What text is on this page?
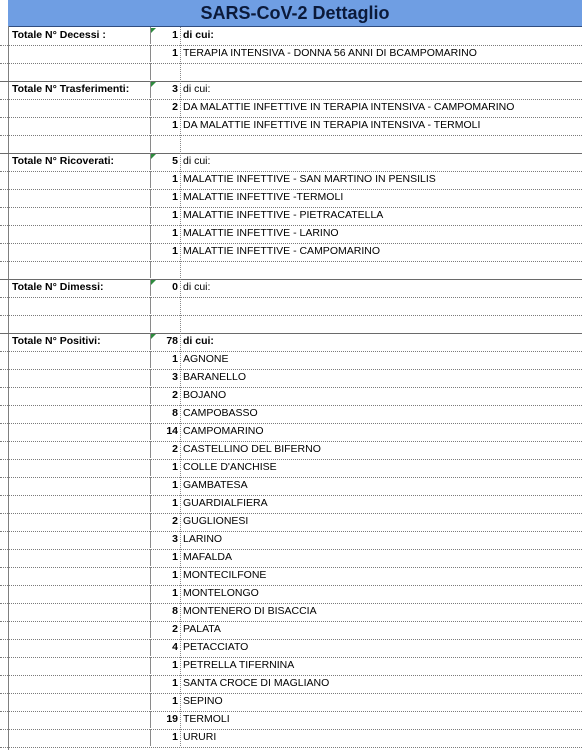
SARS-CoV-2 Dettaglio
Totale N° Decessi :	1 di cui:
1 TERAPIA INTENSIVA - DONNA 56 ANNI DI BCAMPOMARINO
Totale N° Trasferimenti:	3 di cui:
2 DA MALATTIE INFETTIVE IN TERAPIA INTENSIVA - CAMPOMARINO
1 DA MALATTIE INFETTIVE IN TERAPIA INTENSIVA - TERMOLI
Totale N° Ricoverati:	5 di cui:
1 MALATTIE INFETTIVE - SAN MARTINO IN PENSILIS
1 MALATTIE INFETTIVE -TERMOLI
1 MALATTIE INFETTIVE - PIETRACATELLA
1 MALATTIE INFETTIVE - LARINO
1 MALATTIE INFETTIVE - CAMPOMARINO
Totale N° Dimessi:	0 di cui:
Totale N° Positivi:	78 di cui:
1 AGNONE
3 BARANELLO
2 BOJANO
8 CAMPOBASSO
14 CAMPOMARINO
2 CASTELLINO DEL BIFERNO
1 COLLE D'ANCHISE
1 GAMBATESA
1 GUARDIALFIERA
2 GUGLIONESI
3 LARINO
1 MAFALDA
1 MONTECILFONE
1 MONTELONGO
8 MONTENERO DI BISACCIA
2 PALATA
4 PETACCIATO
1 PETRELLA TIFERNINA
1 SANTA CROCE DI MAGLIANO
1 SEPINO
19 TERMOLI
1 URURI
